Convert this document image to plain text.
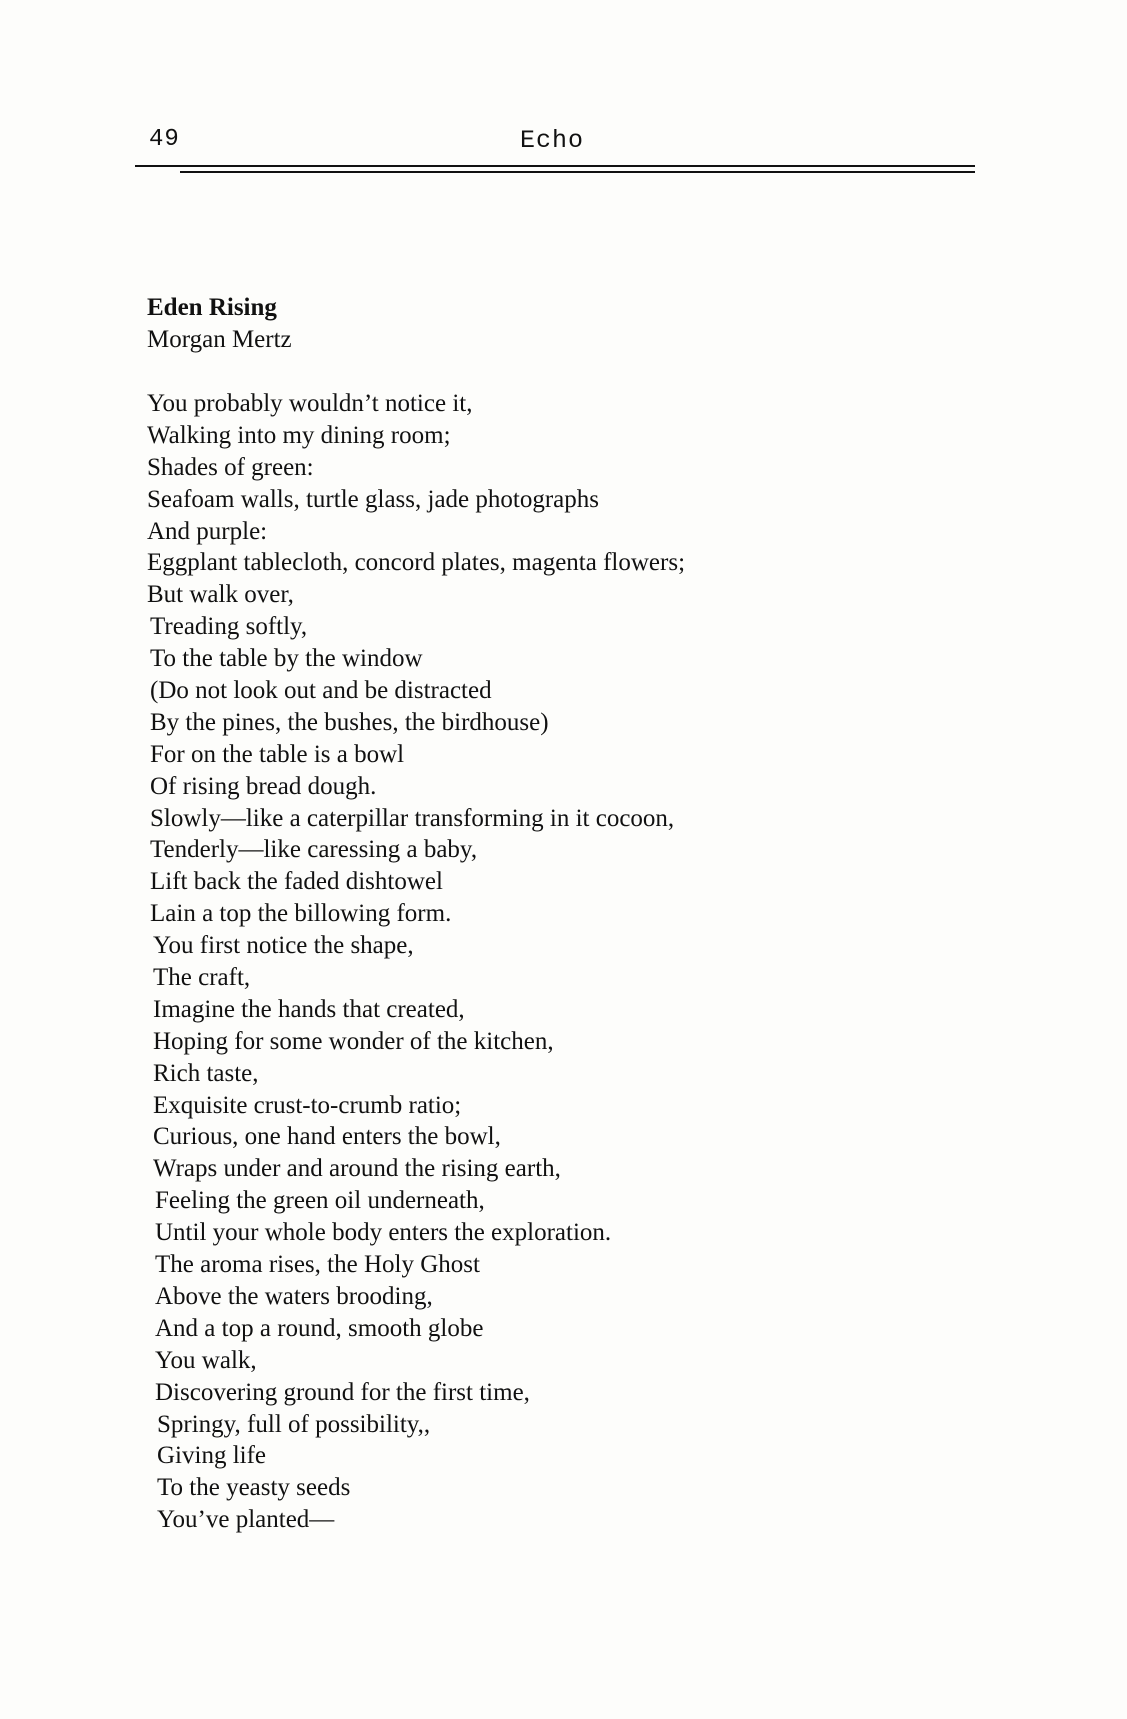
49	Echo
Eden Rising

Morgan Mertz

You probably wouldn’t notice it,
Walking into my dining room;
Shades of green:
Seafoam walls, turtle glass, jade photographs
And purple:
Eggplant tablecloth, concord plates, magenta flowers;
But walk over,
Treading softly,
To the table by the window
(Do not look out and be distracted
By the pines, the bushes, the birdhouse)
For on the table is a bowl
Of rising bread dough.
Slowly—like a caterpillar transforming in it cocoon,
Tenderly—like caressing a baby,
Lift back the faded dishtowel
Lain a top the billowing form.
You first notice the shape,
The craft,
Imagine the hands that created,
Hoping for some wonder of the kitchen,
Rich taste,
Exquisite crust-to-crumb ratio;
Curious, one hand enters the bowl,
Wraps under and around the rising earth,
Feeling the green oil underneath,
Until your whole body enters the exploration.
The aroma rises, the Holy Ghost
Above the waters brooding,
And a top a round, smooth globe
You walk,
Discovering ground for the first time,
Springy, full of possibility,,
Giving life
To the yeasty seeds
You’ve planted—
